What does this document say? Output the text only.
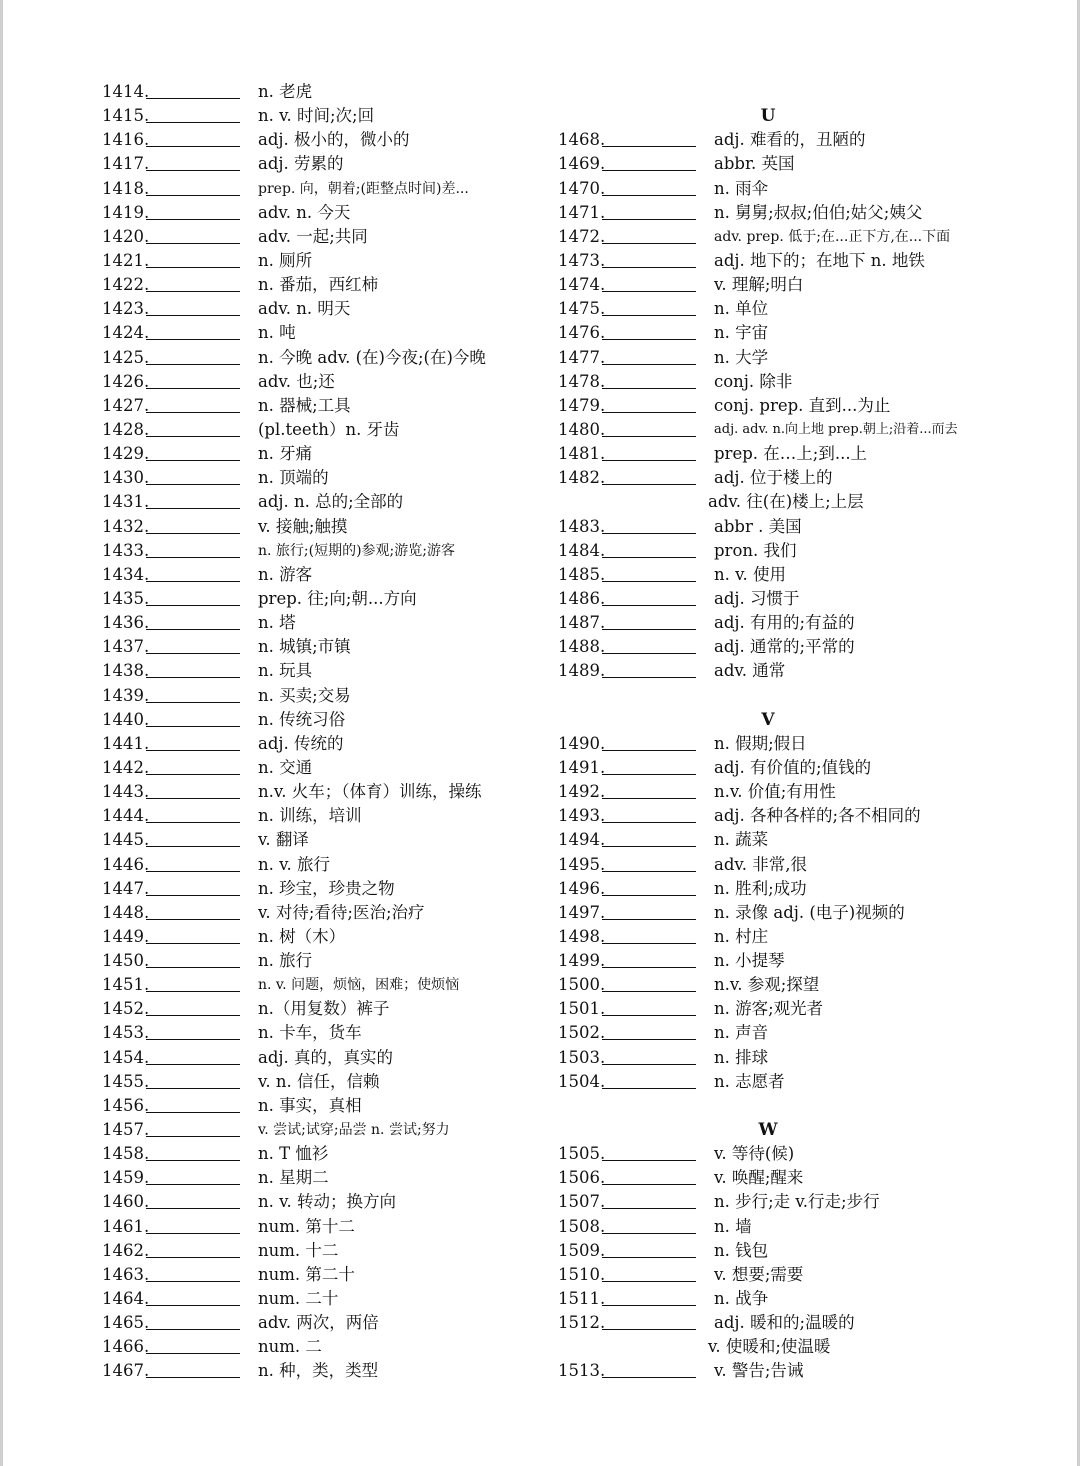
1414.	n. 老虎
1415.	n. v. 时间;次;回
1416.	adj. 极小的，微小的
1417.	adj. 劳累的
1418.	prep. 向，朝着;(距整点时间)差...
1419.	adv. n. 今天
1420.	adv. 一起;共同
1421.	n. 厕所
1422.	n. 番茄，西红柿
1423.	adv. n. 明天
1424.	n. 吨
1425.	n. 今晚 adv. (在)今夜;(在)今晚
1426.	adv. 也;还
1427.	n. 器械;工具
1428.	(pl.teeth）n. 牙齿
1429.	n. 牙痛
1430.	n. 顶端的
1431.	adj. n. 总的;全部的
1432.	v. 接触;触摸
1433.	n. 旅行;(短期的)参观;游览;游客
1434.	n. 游客
1435.	prep. 往;向;朝...方向
1436.	n. 塔
1437.	n. 城镇;市镇
1438.	n. 玩具
1439.	n. 买卖;交易
1440.	n. 传统习俗
1441.	adj. 传统的
1442.	n. 交通
1443.	n.v. 火车；（体育）训练，操练
1444.	n. 训练，培训
1445.	v. 翻译
1446.	n. v. 旅行
1447.	n. 珍宝，珍贵之物
1448.	v. 对待;看待;医治;治疗
1449.	n. 树（木）
1450.	n. 旅行
1451.	n. v. 问题，烦恼，困难；使烦恼
1452.	n.（用复数）裤子
1453.	n. 卡车，货车
1454.	adj. 真的，真实的
1455.	v. n. 信任，信赖
1456.	n. 事实，真相
1457.	v. 尝试;试穿;品尝 n. 尝试;努力
1458.	n. T 恤衫
1459.	n. 星期二
1460.	n. v. 转动；换方向
1461.	num. 第十二
1462.	num. 十二
1463.	num. 第二十
1464.	num. 二十
1465.	adv. 两次，两倍
1466.	num. 二
1467.	n. 种，类，类型
U
1468.	adj. 难看的，丑陋的
1469.	abbr. 英国
1470.	n. 雨伞
1471.	n. 舅舅;叔叔;伯伯;姑父;姨父
1472.	adv. prep. 低于;在...正下方,在...下面
1473.	adj. 地下的；在地下 n. 地铁
1474.	v. 理解;明白
1475.	n. 单位
1476.	n. 宇宙
1477.	n. 大学
1478.	conj. 除非
1479.	conj. prep. 直到...为止
1480.	adj. adv. n.向上地 prep.朝上;沿着...而去
1481.	prep. 在…上;到...上
1482.	adj. 位于楼上的
adv. 往(在)楼上;上层
1483.	abbr . 美国
1484.	pron. 我们
1485.	n. v. 使用
1486.	adj. 习惯于
1487.	adj. 有用的;有益的
1488.	adj. 通常的;平常的
1489.	adv. 通常
V
1490.	n. 假期;假日
1491.	adj. 有价值的;值钱的
1492.	n.v. 价值;有用性
1493.	adj. 各种各样的;各不相同的
1494.	n. 蔬菜
1495.	adv. 非常,很
1496.	n. 胜利;成功
1497.	n. 录像 adj. (电子)视频的
1498.	n. 村庄
1499.	n. 小提琴
1500.	n.v. 参观;探望
1501.	n. 游客;观光者
1502.	n. 声音
1503.	n. 排球
1504.	n. 志愿者
W
1505.	v. 等待(候)
1506.	v. 唤醒;醒来
1507.	n. 步行;走 v.行走;步行
1508.	n. 墙
1509.	n. 钱包
1510.	v. 想要;需要
1511.	n. 战争
1512.	adj. 暖和的;温暖的
v. 使暖和;使温暖
1513.	v. 警告;告诫
